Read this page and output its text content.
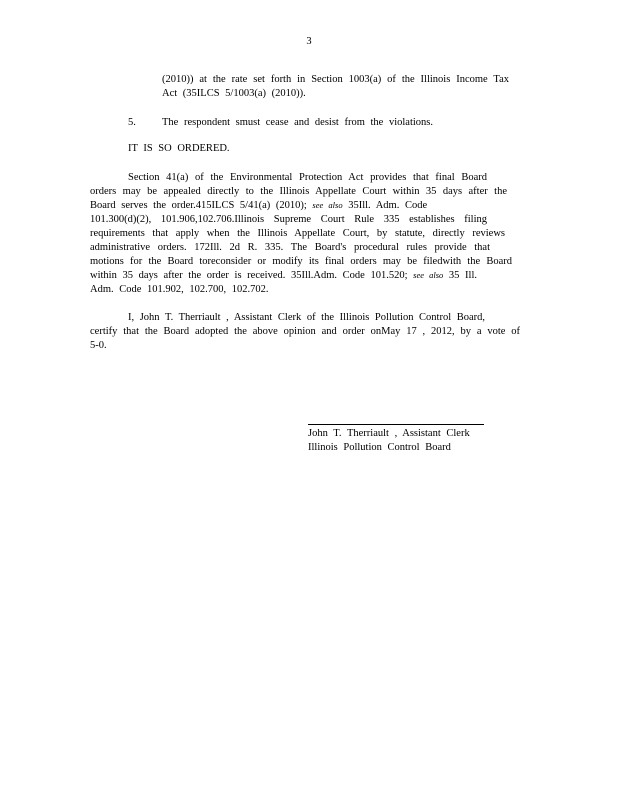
3
(2010)) at the rate set forth in Section 1003(a) of the Illinois Income Tax
Act (35ILCS 5/1003(a) (2010)).
5. The respondent smust cease and desist from the violations.
IT IS SO ORDERED.
Section 41(a) of the Environmental Protection Act provides that final Board
orders may be appealed directly to the Illinois Appellate Court within 35 days after the
Board serves the order.415ILCS 5/41(a) (2010); see also 35Ill. Adm. Code
101.300(d)(2), 101.906,102.706.Illinois Supreme Court Rule 335 establishes filing
requirements that apply when the Illinois Appellate Court, by statute, directly reviews
administrative orders. 172Ill. 2d R. 335. The Board's procedural rules provide that
motions for the Board toreconsider or modify its final orders may be filedwith the Board
within 35 days after the order is received. 35Ill.Adm. Code 101.520; see also 35 Ill.
Adm. Code 101.902, 102.700, 102.702.
I, John T. Therriault , Assistant Clerk of the Illinois Pollution Control Board,
certify that the Board adopted the above opinion and order onMay 17 , 2012, by a vote of
5-0.
John T. Therriault , Assistant Clerk
Illinois Pollution Control Board
